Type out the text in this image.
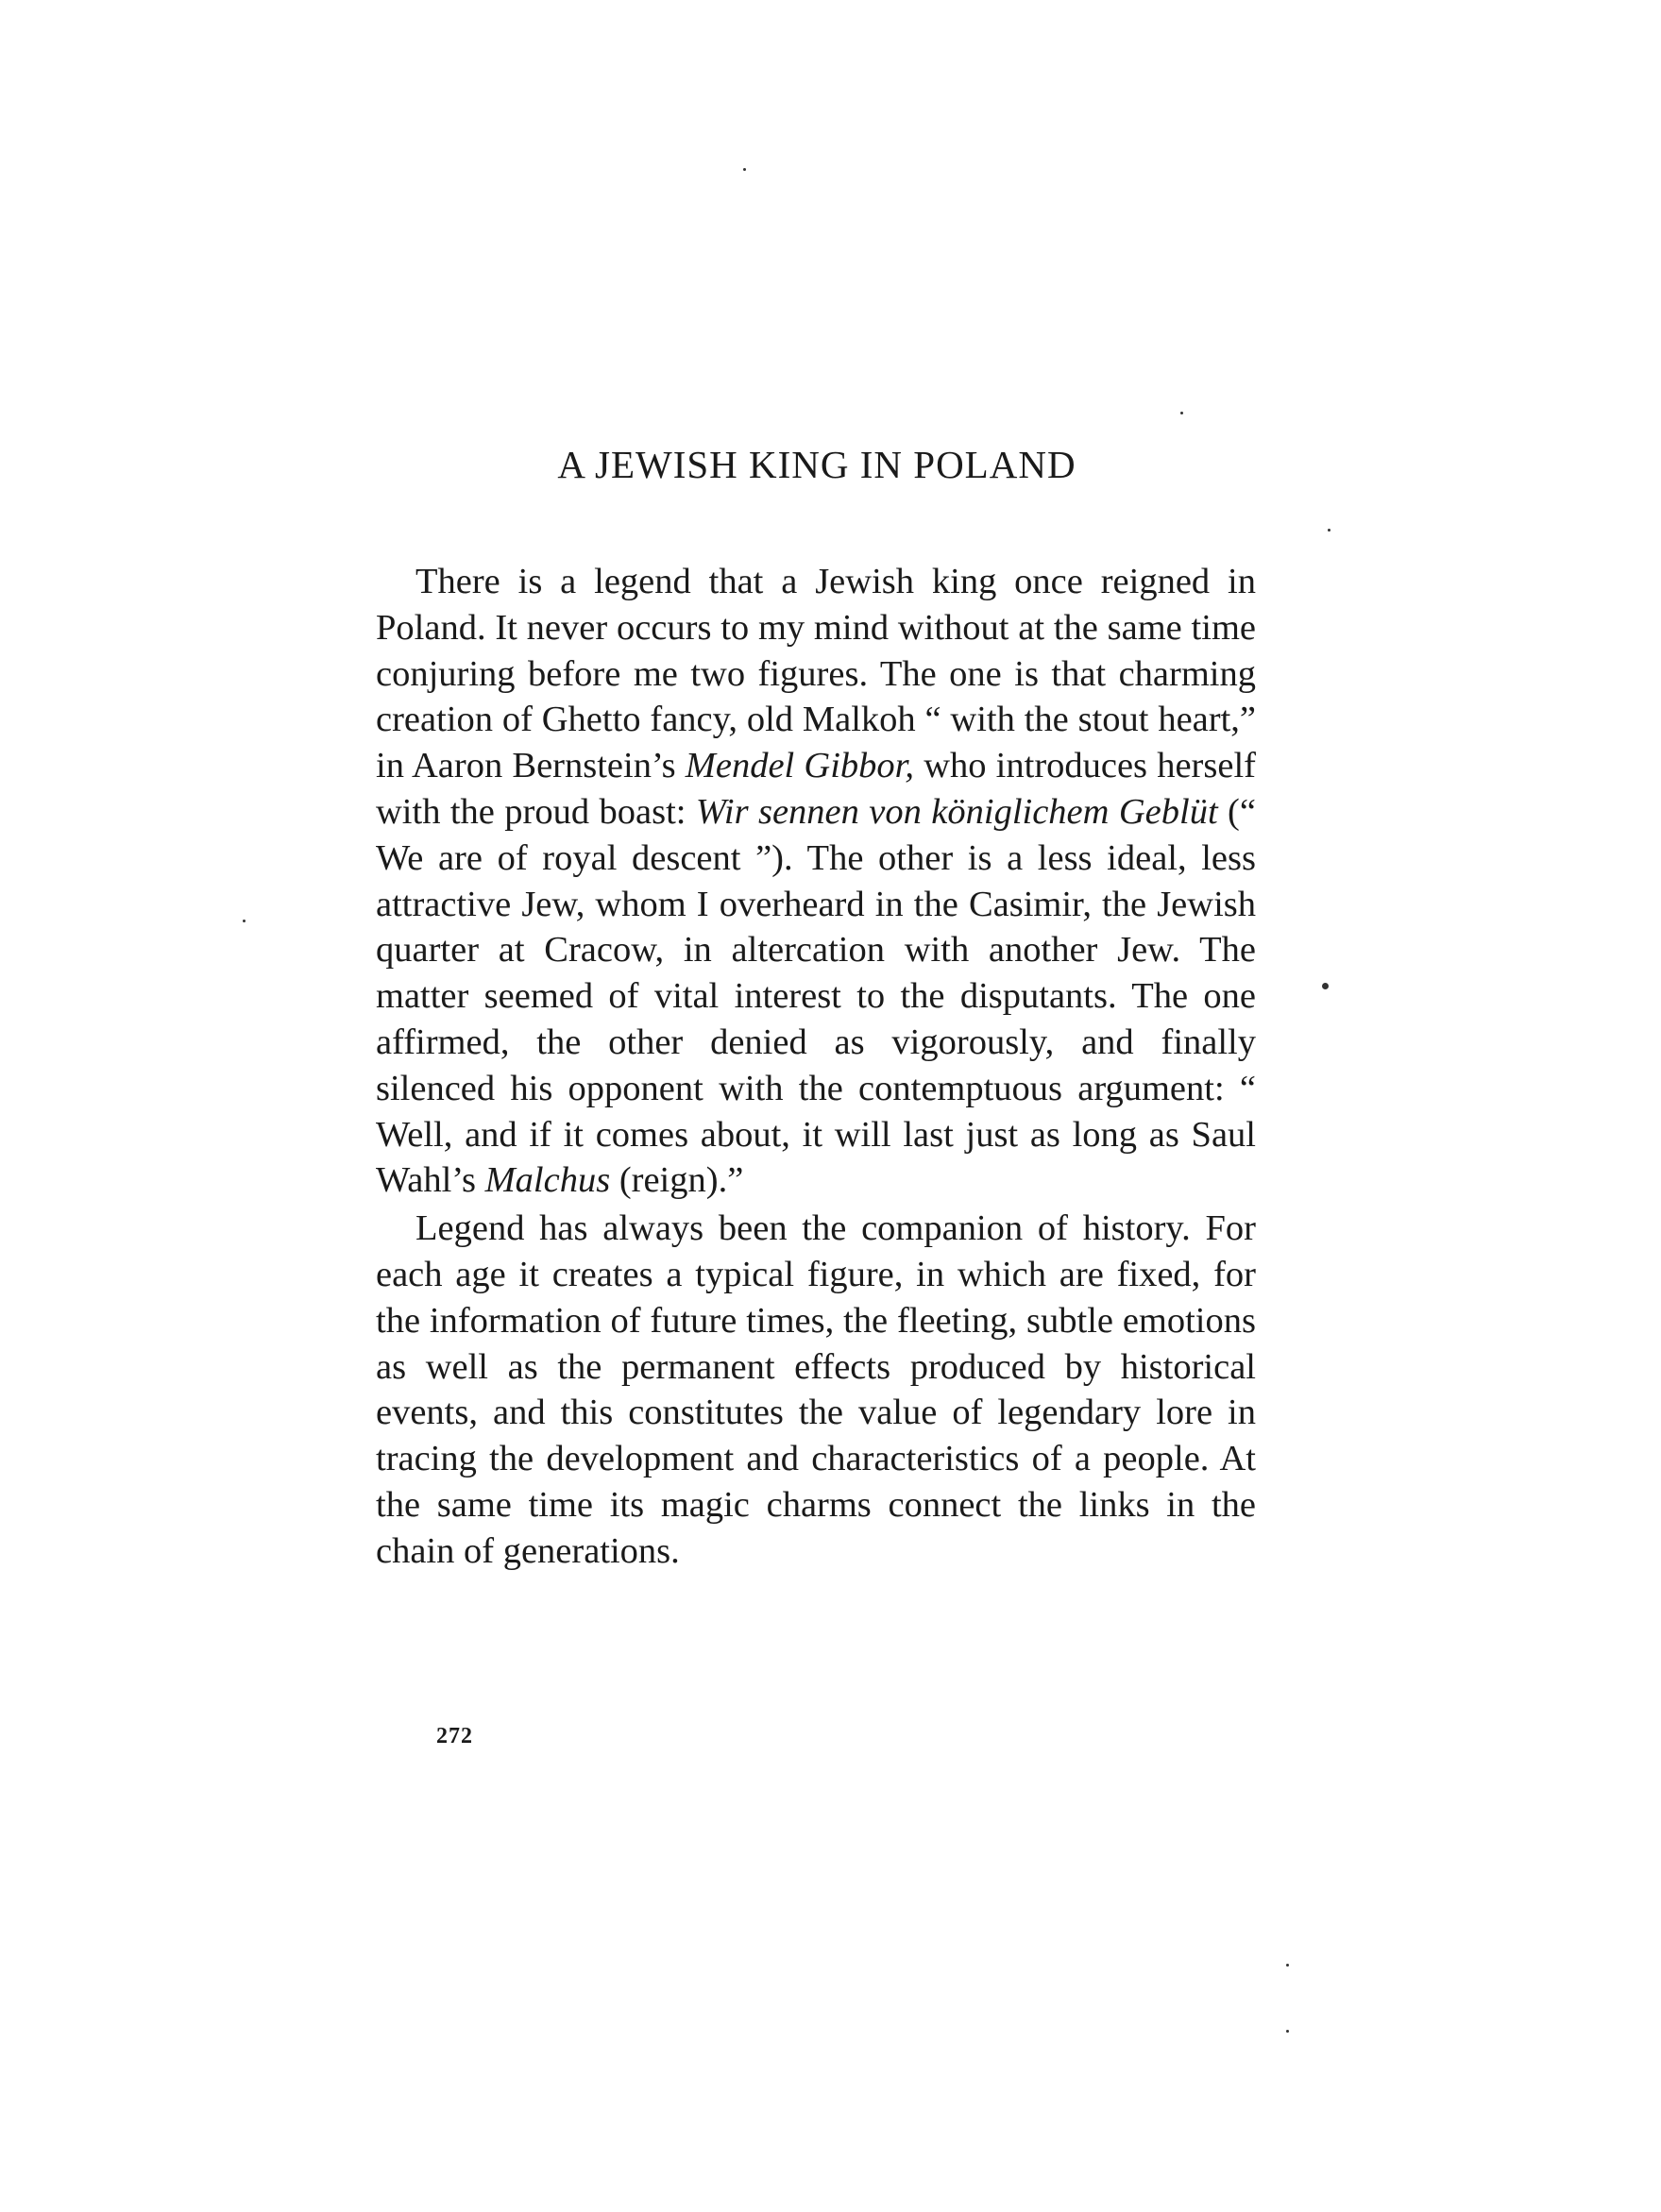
A JEWISH KING IN POLAND

There is a legend that a Jewish king once reigned in Poland. It never occurs to my mind without at the same time conjuring before me two figures. The one is that charming creation of Ghetto fancy, old Malkoh “ with the stout heart,” in Aaron Bernstein’s Mendel Gibbor, who introduces herself with the proud boast: Wir sennen von königlichem Geblüt (“ We are of royal descent ”). The other is a less ideal, less attractive Jew, whom I overheard in the Casimir, the Jewish quarter at Cracow, in altercation with another Jew. The matter seemed of vital interest to the disputants. The one affirmed, the other denied as vigorously, and finally silenced his opponent with the contemptuous argument: “ Well, and if it comes about, it will last just as long as Saul Wahl’s Malchus (reign).”

Legend has always been the companion of history. For each age it creates a typical figure, in which are fixed, for the information of future times, the fleeting, subtle emotions as well as the permanent effects produced by historical events, and this constitutes the value of legendary lore in tracing the development and characteristics of a people. At the same time its magic charms connect the links in the chain of generations.

272
